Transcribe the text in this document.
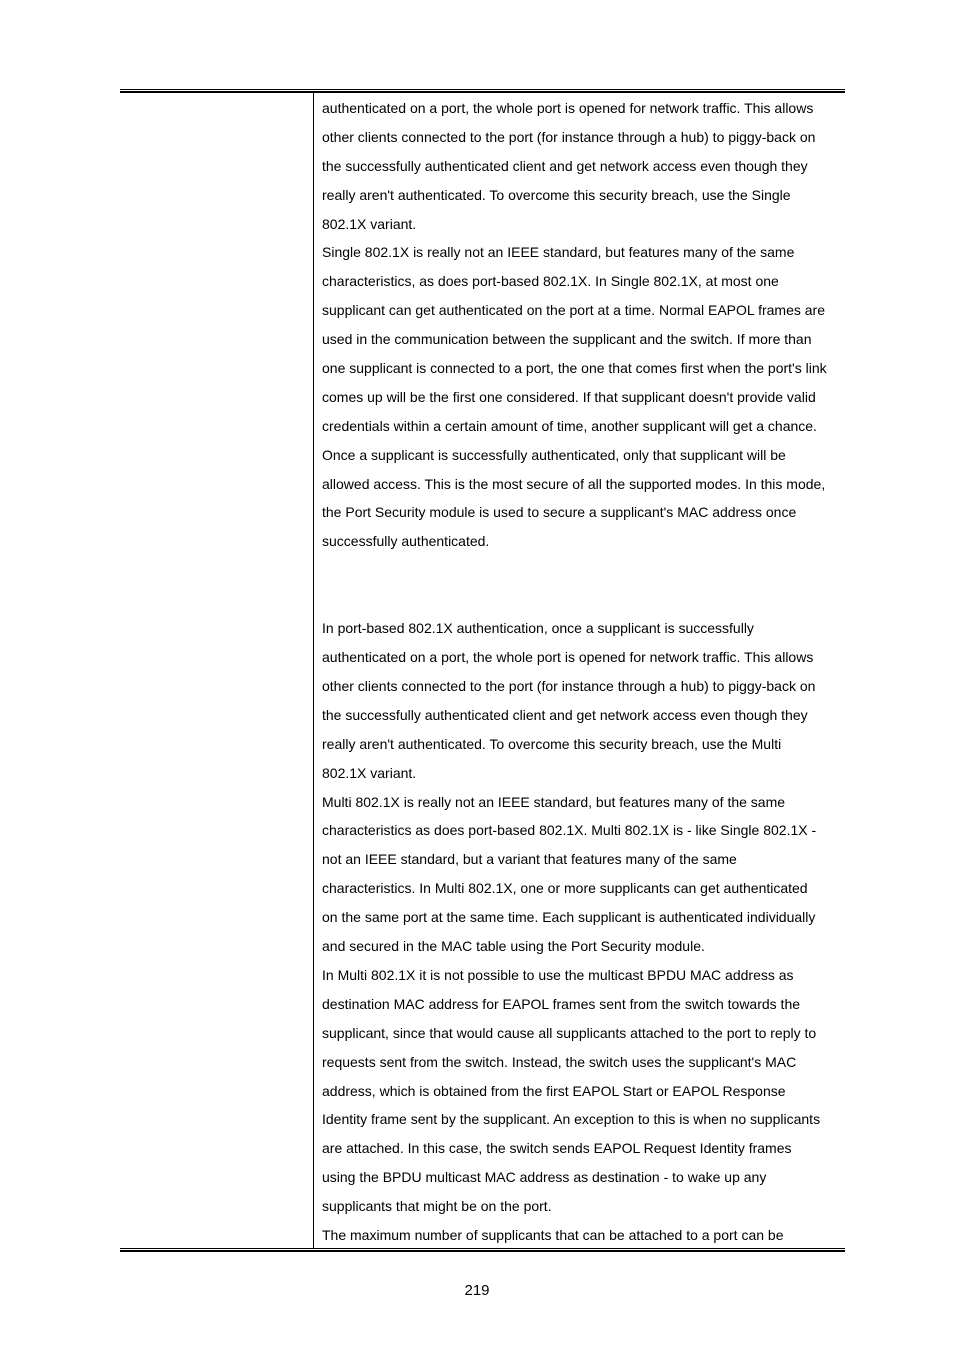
authenticated on a port, the whole port is opened for network traffic. This allows
other clients connected to the port (for instance through a hub) to piggy-back on
the successfully authenticated client and get network access even though they
really aren't authenticated. To overcome this security breach, use the Single
802.1X variant.
Single 802.1X is really not an IEEE standard, but features many of the same
characteristics, as does port-based 802.1X. In Single 802.1X, at most one
supplicant can get authenticated on the port at a time. Normal EAPOL frames are
used in the communication between the supplicant and the switch. If more than
one supplicant is connected to a port, the one that comes first when the port's link
comes up will be the first one considered. If that supplicant doesn't provide valid
credentials within a certain amount of time, another supplicant will get a chance.
Once a supplicant is successfully authenticated, only that supplicant will be
allowed access. This is the most secure of all the supported modes. In this mode,
the Port Security module is used to secure a supplicant's MAC address once
successfully authenticated.
In port-based 802.1X authentication, once a supplicant is successfully
authenticated on a port, the whole port is opened for network traffic. This allows
other clients connected to the port (for instance through a hub) to piggy-back on
the successfully authenticated client and get network access even though they
really aren't authenticated. To overcome this security breach, use the Multi
802.1X variant.
Multi 802.1X is really not an IEEE standard, but features many of the same
characteristics as does port-based 802.1X. Multi 802.1X is - like Single 802.1X -
not an IEEE standard, but a variant that features many of the same
characteristics. In Multi 802.1X, one or more supplicants can get authenticated
on the same port at the same time. Each supplicant is authenticated individually
and secured in the MAC table using the Port Security module.
In Multi 802.1X it is not possible to use the multicast BPDU MAC address as
destination MAC address for EAPOL frames sent from the switch towards the
supplicant, since that would cause all supplicants attached to the port to reply to
requests sent from the switch. Instead, the switch uses the supplicant's MAC
address, which is obtained from the first EAPOL Start or EAPOL Response
Identity frame sent by the supplicant. An exception to this is when no supplicants
are attached. In this case, the switch sends EAPOL Request Identity frames
using the BPDU multicast MAC address as destination - to wake up any
supplicants that might be on the port.
The maximum number of supplicants that can be attached to a port can be
219
